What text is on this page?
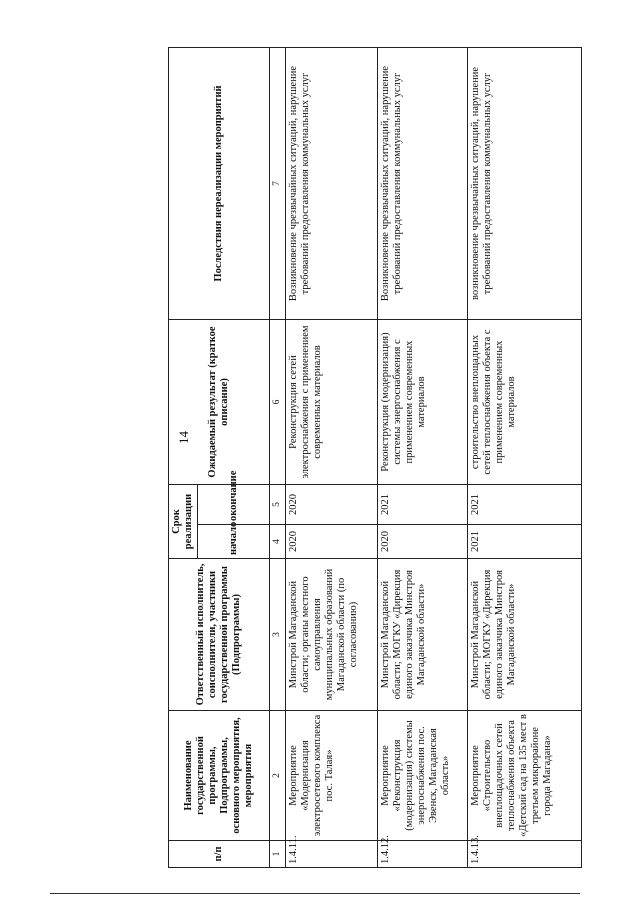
14
п/п	Наименование государственной программы, Подпрограммы, основного мероприятия, мероприятия	Ответственный исполнитель, соисполнители, участники государственной программы (Подпрограммы)	Срок реализации		Ожидаемый результат (краткое описание)	Последствия нереализации мероприятий
			начало	окончание		
1	2	3	4	5	6	7
1.4.11.	Мероприятие «Модернизация электросетевого комплекса пос. Талая»	Минстрой Магаданской области; органы местного самоуправления муниципальных образований Магаданской области (по согласованию)	2020	2020	Реконструкция сетей электроснабжения с применением современных материалов	Возникновение чрезвычайных ситуаций, нарушение требований предоставления коммунальных услуг
1.4.12.	Мероприятие «Реконструкция (модернизация) системы энергоснабжения пос. Эвенск, Магаданская область»	Минстрой Магаданской области; МОГКУ «Дирекция единого заказчика Минстроя Магаданской области»	2020	2021	Реконструкция (модернизация) системы энергоснабжения с применением современных материалов	Возникновение чрезвычайных ситуаций, нарушение требований предоставления коммунальных услуг
1.4.13.	Мероприятие «Строительство внеплощадочных сетей теплоснабжения объекта «Детский сад на 135 мест в третьем микрорайоне города Магадана»	Минстрой Магаданской области; МОГКУ «Дирекция единого заказчика Минстроя Магаданской области»	2021	2021	строительство внеплощадных сетей теплоснабжения объекта с применением современных материалов	возникновение чрезвычайных ситуаций, нарушение требований предоставления коммунальных услуг
